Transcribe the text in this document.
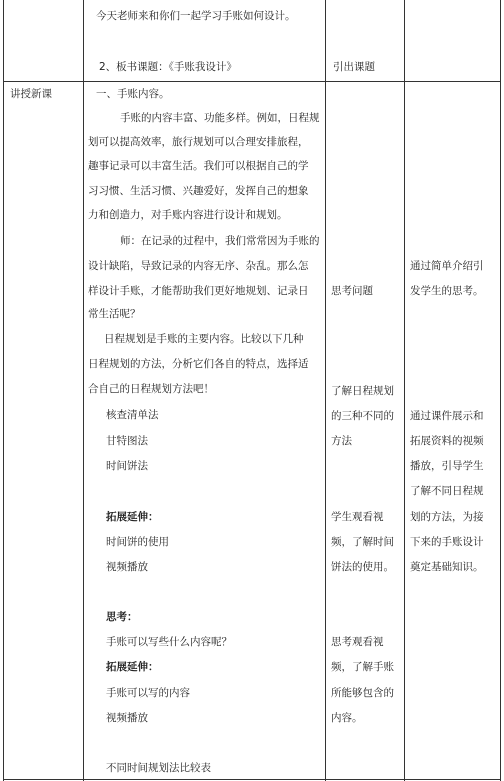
今天老师来和你们一起学习手账如何设计。
2、板书课题：《手账我设计》	引出课题
讲授新课	一、手账内容。
手账的内容丰富、功能多样。例如，日程规
划可以提高效率，旅行规划可以合理安排旅程，
趣事记录可以丰富生活。我们可以根据自己的学
习习惯、生活习惯、兴趣爱好，发挥自己的想象
力和创造力，对手账内容进行设计和规划。
师：在记录的过程中，我们常常因为手账的
设计缺陷，导致记录的内容无序、杂乱。那么怎
样设计手账，才能帮助我们更好地规划、记录日
常生活呢？
日程规划是手账的主要内容。比较以下几种
日程规划的方法，分析它们各自的特点，选择适
合自己的日程规划方法吧！
核查清单法
甘特图法
时间饼法
拓展延伸：
时间饼的使用
视频播放
思考：
手账可以写些什么内容呢？
拓展延伸：
手账可以写的内容
视频播放
不同时间规划法比较表
思考问题
了解日程规划
的三种不同的
方法
学生观看视
频，了解时间
饼法的使用。
思考观看视
频，了解手账
所能够包含的
内容。
通过简单介绍引
发学生的思考。
通过课件展示和
拓展资料的视频
播放，引导学生
了解不同日程规
划的方法，为接
下来的手账设计
奠定基础知识。
